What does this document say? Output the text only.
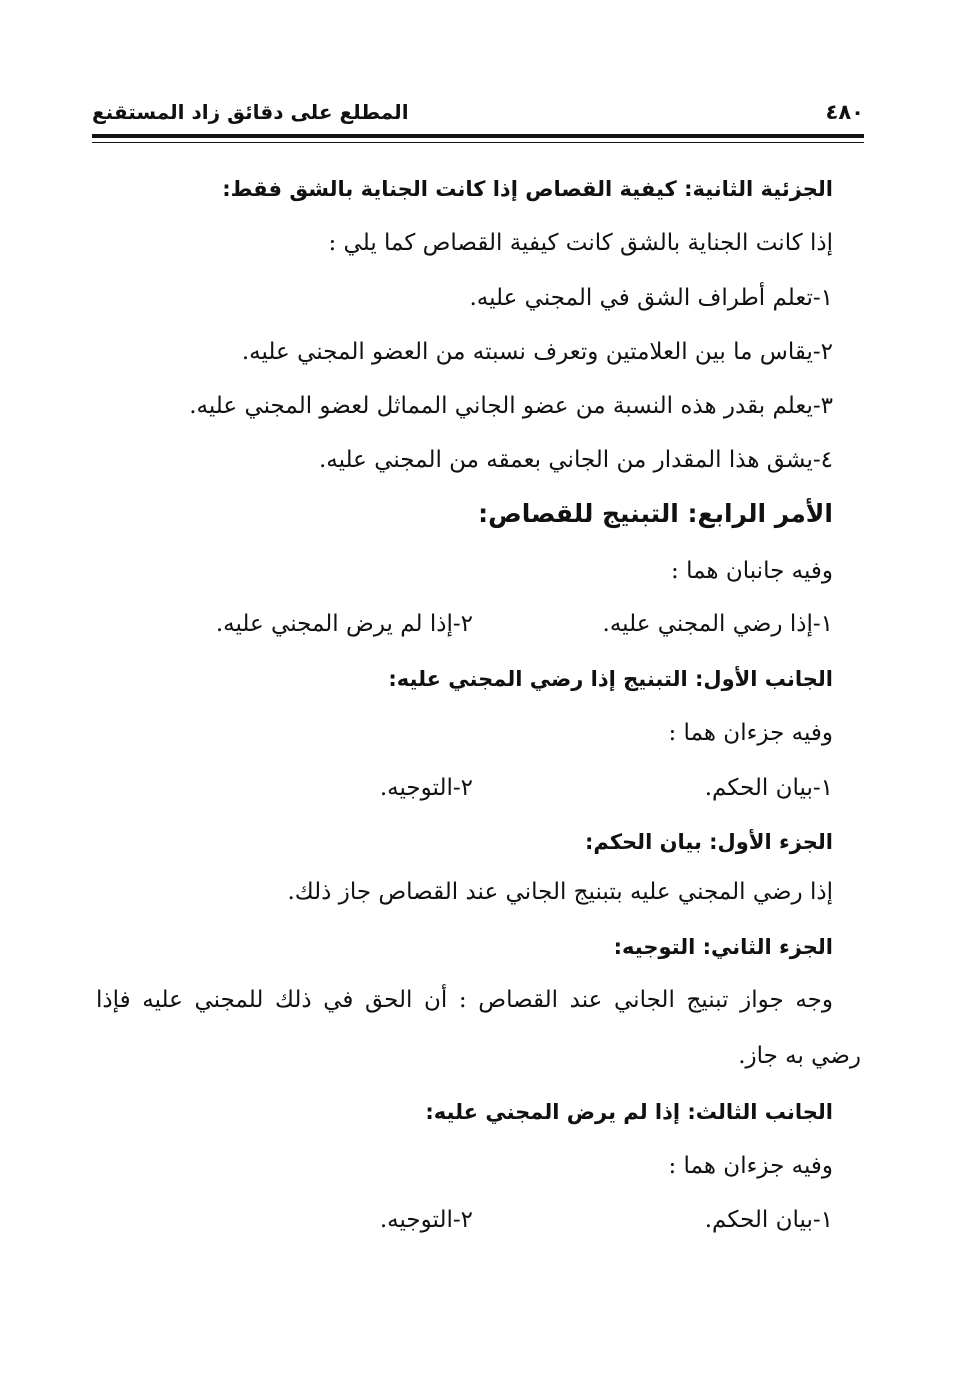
٤٨٠
المطلع على دقائق زاد المستقنع
الجزئية الثانية: كيفية القصاص إذا كانت الجناية بالشق فقط:
إذا كانت الجناية بالشق كانت كيفية القصاص كما يلي :
١-تعلم أطراف الشق في المجني عليه.
٢-يقاس ما بين العلامتين وتعرف نسبته من العضو المجني عليه.
٣-يعلم بقدر هذه النسبة من عضو الجاني المماثل لعضو المجني عليه.
٤-يشق هذا المقدار من الجاني بعمقه من المجني عليه.
الأمر الرابع: التبنيج للقصاص:
وفيه جانبان هما :
١-إذا رضي المجني عليه.٢-إذا لم يرض المجني عليه.
الجانب الأول: التبنيج إذا رضي المجني عليه:
وفيه جزءان هما :
١-بيان الحكم.٢-التوجيه.
الجزء الأول: بيان الحكم:
إذا رضي المجني عليه بتبنيج الجاني عند القصاص جاز ذلك.
الجزء الثاني: التوجيه:
وجه جواز تبنيج الجاني عند القصاص : أن الحق في ذلك للمجني عليه فإذا
رضي به جاز.
الجانب الثالث: إذا لم يرض المجني عليه:
وفيه جزءان هما :
١-بيان الحكم.٢-التوجيه.
